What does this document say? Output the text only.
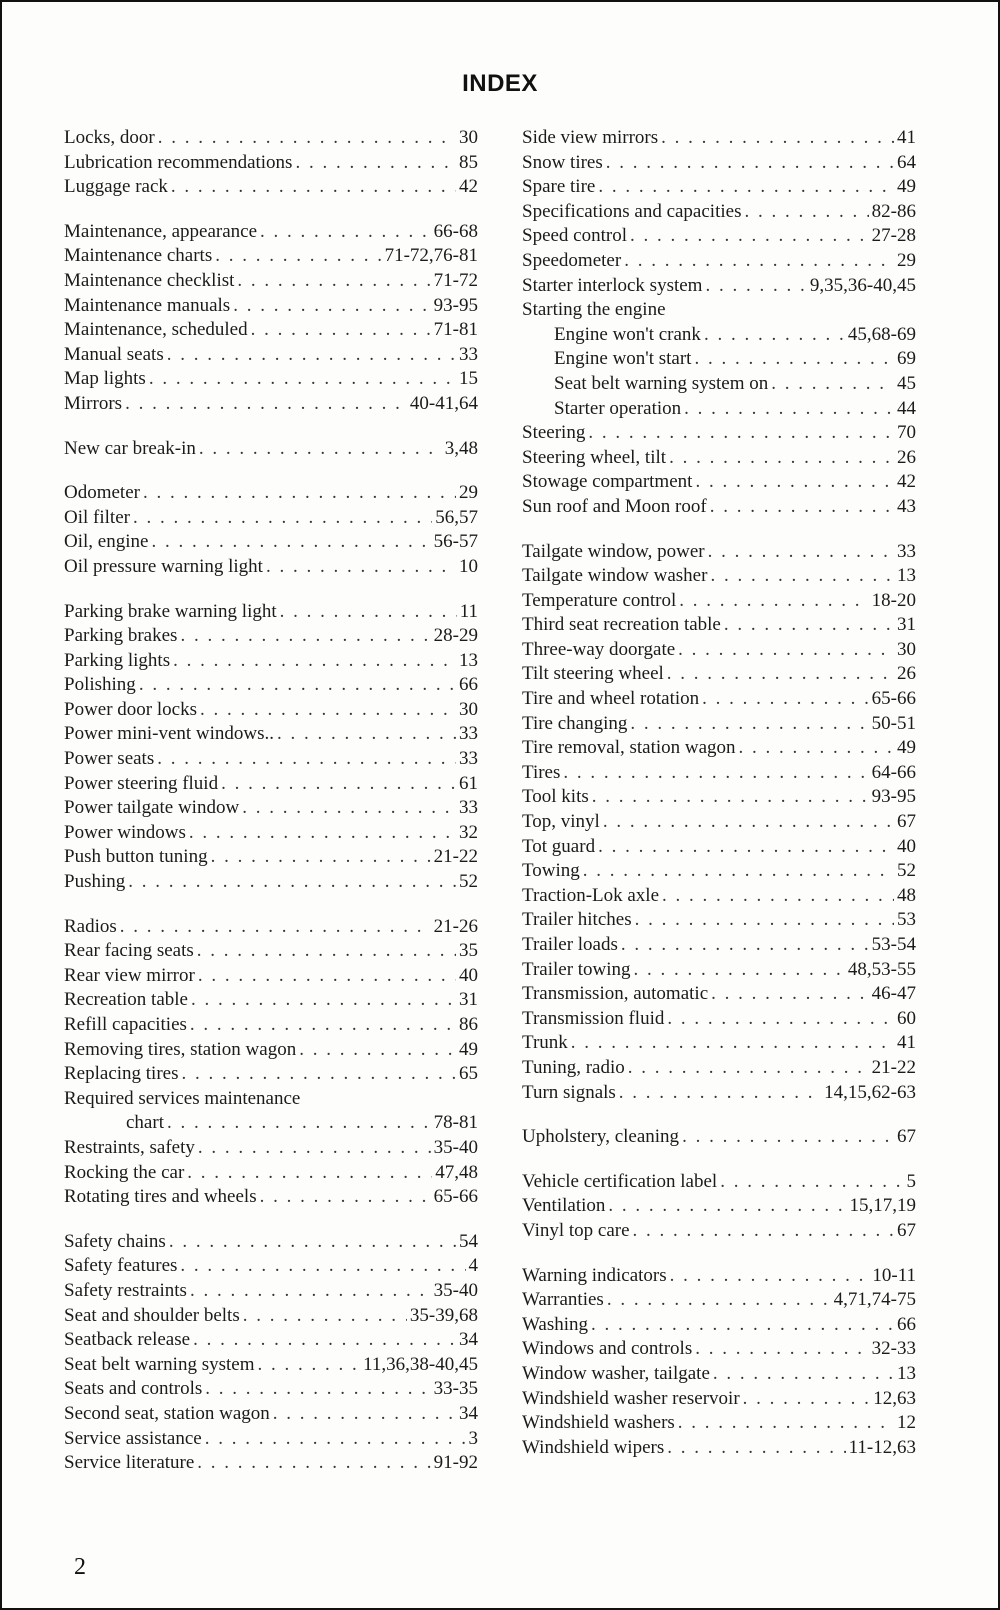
INDEX
Locks, door . . .	30
Lubrication recommendations . . .	85
Luggage rack . . .	42
Maintenance, appearance . . .	66-68
Maintenance charts . . .	71-72,76-81
Maintenance checklist . . .	71-72
Maintenance manuals . . .	93-95
Maintenance, scheduled . . .	71-81
Manual seats . . .	33
Map lights . . .	15
Mirrors . . .	40-41,64
New car break-in . . .	3,48
Odometer . . .	29
Oil filter . . .	56,57
Oil, engine . . .	56-57
Oil pressure warning light . . .	10
Parking brake warning light . . .	11
Parking brakes . . .	28-29
Parking lights . . .	13
Polishing . . .	66
Power door locks . . .	30
Power mini-vent windows.. . . .	33
Power seats . . .	33
Power steering fluid . . .	61
Power tailgate window . . .	33
Power windows . . .	32
Push button tuning . . .	21-22
Pushing . . .	52
Radios . . .	21-26
Rear facing seats . . .	35
Rear view mirror . . .	40
Recreation table . . .	31
Refill capacities . . .	86
Removing tires, station wagon . . .	49
Replacing tires . . .	65
Required services maintenance
chart . . .	78-81
Restraints, safety . . .	35-40
Rocking the car . . .	47,48
Rotating tires and wheels . . .	65-66
Safety chains . . .	54
Safety features . . .	4
Safety restraints . . .	35-40
Seat and shoulder belts . . .	35-39,68
Seatback release . . .	34
Seat belt warning system . . .	11,36,38-40,45
Seats and controls . . .	33-35
Second seat, station wagon . . .	34
Service assistance . . .	3
Service literature . . .	91-92
Side view mirrors . . .	41
Snow tires . . .	64
Spare tire . . .	49
Specifications and capacities . . .	82-86
Speed control . . .	27-28
Speedometer . . .	29
Starter interlock system . . .	9,35,36-40,45
Starting the engine
Engine won't crank . . .	45,68-69
Engine won't start . . .	69
Seat belt warning system on . . .	45
Starter operation . . .	44
Steering . . .	70
Steering wheel, tilt . . .	26
Stowage compartment . . .	42
Sun roof and Moon roof . . .	43
Tailgate window, power . . .	33
Tailgate window washer . . .	13
Temperature control . . .	18-20
Third seat recreation table . . .	31
Three-way doorgate . . .	30
Tilt steering wheel . . .	26
Tire and wheel rotation . . .	65-66
Tire changing . . .	50-51
Tire removal, station wagon . . .	49
Tires . . .	64-66
Tool kits . . .	93-95
Top, vinyl . . .	67
Tot guard . . .	40
Towing . . .	52
Traction-Lok axle . . .	48
Trailer hitches . . .	53
Trailer loads . . .	53-54
Trailer towing . . .	48,53-55
Transmission, automatic . . .	46-47
Transmission fluid . . .	60
Trunk . . .	41
Tuning, radio . . .	21-22
Turn signals . . .	14,15,62-63
Upholstery, cleaning . . .	67
Vehicle certification label . . .	5
Ventilation . . .	15,17,19
Vinyl top care . . .	67
Warning indicators . . .	10-11
Warranties . . .	4,71,74-75
Washing . . .	66
Windows and controls . . .	32-33
Window washer, tailgate . . .	13
Windshield washer reservoir . . .	12,63
Windshield washers . . .	12
Windshield wipers . . .	11-12,63
2
